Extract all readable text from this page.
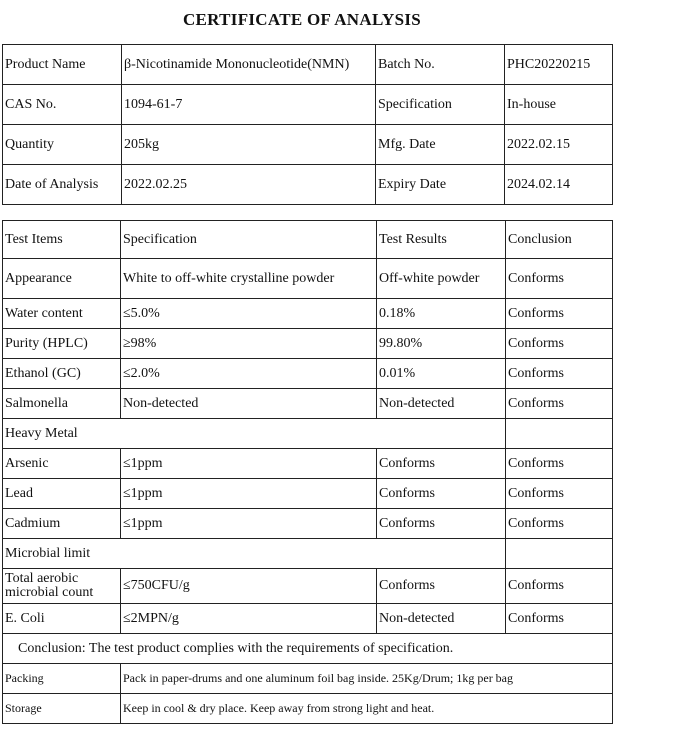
CERTIFICATE OF ANALYSIS
Product Name	β-Nicotinamide Mononucleotide(NMN)	Batch No.	PHC20220215
CAS No.	1094-61-7	Specification	In-house
Quantity	205kg	Mfg. Date	2022.02.15
Date of Analysis	2022.02.25	Expiry Date	2024.02.14
Test Items	Specification	Test Results	Conclusion
Appearance	White to off-white crystalline powder	Off-white powder	Conforms
Water content	≤5.0%	0.18%	Conforms
Purity (HPLC)	≥98%	99.80%	Conforms
Ethanol (GC)	≤2.0%	0.01%	Conforms
Salmonella	Non-detected	Non-detected	Conforms
Heavy Metal			
Arsenic	≤1ppm	Conforms	Conforms
Lead	≤1ppm	Conforms	Conforms
Cadmium	≤1ppm	Conforms	Conforms
Microbial limit			
Total aerobic microbial count	≤750CFU/g	Conforms	Conforms
E. Coli	≤2MPN/g	Non-detected	Conforms
Conclusion: The test product complies with the requirements of specification.			
Packing	Pack in paper-drums and one aluminum foil bag inside. 25Kg/Drum; 1kg per bag		
Storage	Keep in cool & dry place. Keep away from strong light and heat.		
